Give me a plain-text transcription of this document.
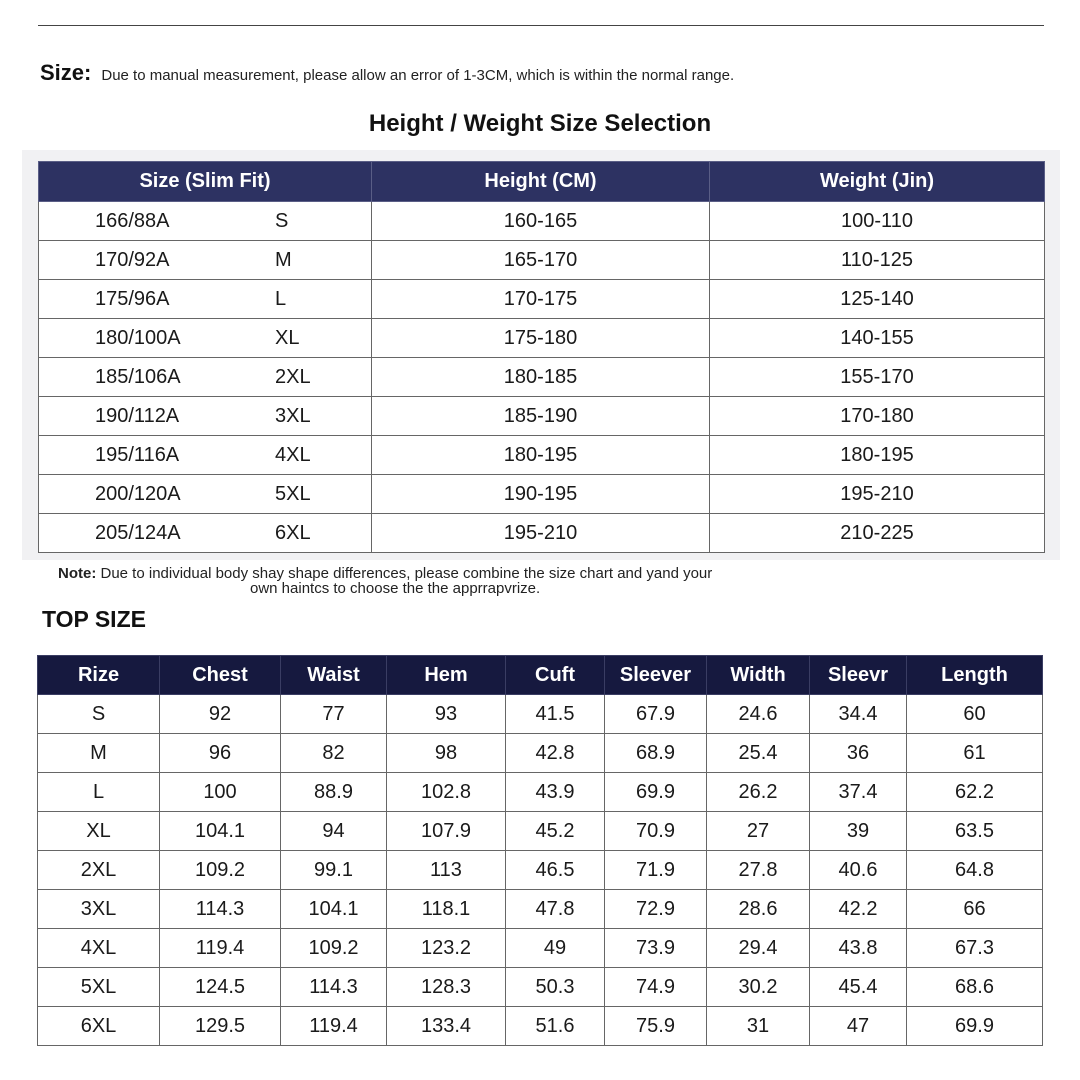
Size: Due to manual measurement, please allow an error of 1-3CM, which is within the normal range.
Height / Weight Size Selection
Size (Slim Fit)	Height (CM)	Weight (Jin)
166/88A S	160-165	100-110
170/92A M	165-170	110-125
175/96A L	170-175	125-140
180/100A XL	175-180	140-155
185/106A 2XL	180-185	155-170
190/112A 3XL	185-190	170-180
195/116A 4XL	180-195	180-195
200/120A 5XL	190-195	195-210
205/124A 6XL	195-210	210-225
Note: Due to individual body shay shape differences, please combine the size chart and yand your
own haintcs to choose the the apprrapvrize.
TOP SIZE
Rize	Chest	Waist	Hem	Cuft	Sleever	Width	Sleevr	Length
S	92	77	93	41.5	67.9	24.6	34.4	60
M	96	82	98	42.8	68.9	25.4	36	61
L	100	88.9	102.8	43.9	69.9	26.2	37.4	62.2
XL	104.1	94	107.9	45.2	70.9	27	39	63.5
2XL	109.2	99.1	113	46.5	71.9	27.8	40.6	64.8
3XL	114.3	104.1	118.1	47.8	72.9	28.6	42.2	66
4XL	119.4	109.2	123.2	49	73.9	29.4	43.8	67.3
5XL	124.5	114.3	128.3	50.3	74.9	30.2	45.4	68.6
6XL	129.5	119.4	133.4	51.6	75.9	31	47	69.9
